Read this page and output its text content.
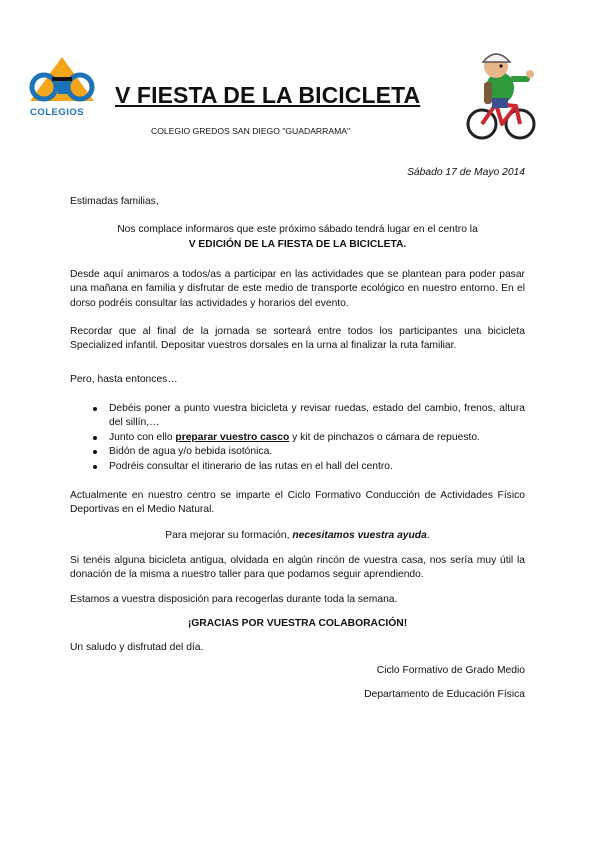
COLEGIOS
V FIESTA DE LA BICICLETA
COLEGIO GREDOS SAN DIEGO "GUADARRAMA"
Sábado 17 de Mayo 2014
Estimadas familias,
Nos complace informaros que este próximo sábado tendrá lugar en el centro la
V EDICIÓN DE LA FIESTA DE LA BICICLETA.
Desde aquí animaros a todos/as a participar en las actividades que se plantean para poder pasar una mañana en familia y disfrutar de este medio de transporte ecológico en nuestro entorno. En el dorso podréis consultar las actividades y horarios del evento.
Recordar que al final de la jornada se sorteará entre todos los participantes una bicicleta Specialized infantil. Depositar vuestros dorsales en la urna al finalizar la ruta familiar.
Pero, hasta entonces…
Debéis poner a punto vuestra bicicleta y revisar ruedas, estado del cambio, frenos, altura del sillín,…
Junto con ello preparar vuestro casco y kit de pinchazos o cámara de repuesto.
Bidón de agua y/o bebida isotónica.
Podréis consultar el itinerario de las rutas en el hall del centro.
Actualmente en nuestro centro se imparte el Ciclo Formativo Conducción de Actividades Físico Deportivas en el Medio Natural.
Para mejorar su formación, necesitamos vuestra ayuda.
Si tenéis alguna bicicleta antigua, olvidada en algún rincón de vuestra casa, nos sería muy útil la donación de la misma a nuestro taller para que podamos seguir aprendiendo.
Estamos a vuestra disposición para recogerlas durante toda la semana.
¡GRACIAS POR VUESTRA COLABORACIÓN!
Un saludo y disfrutad del día.
Ciclo Formativo de Grado Medio
Departamento de Educación Física
